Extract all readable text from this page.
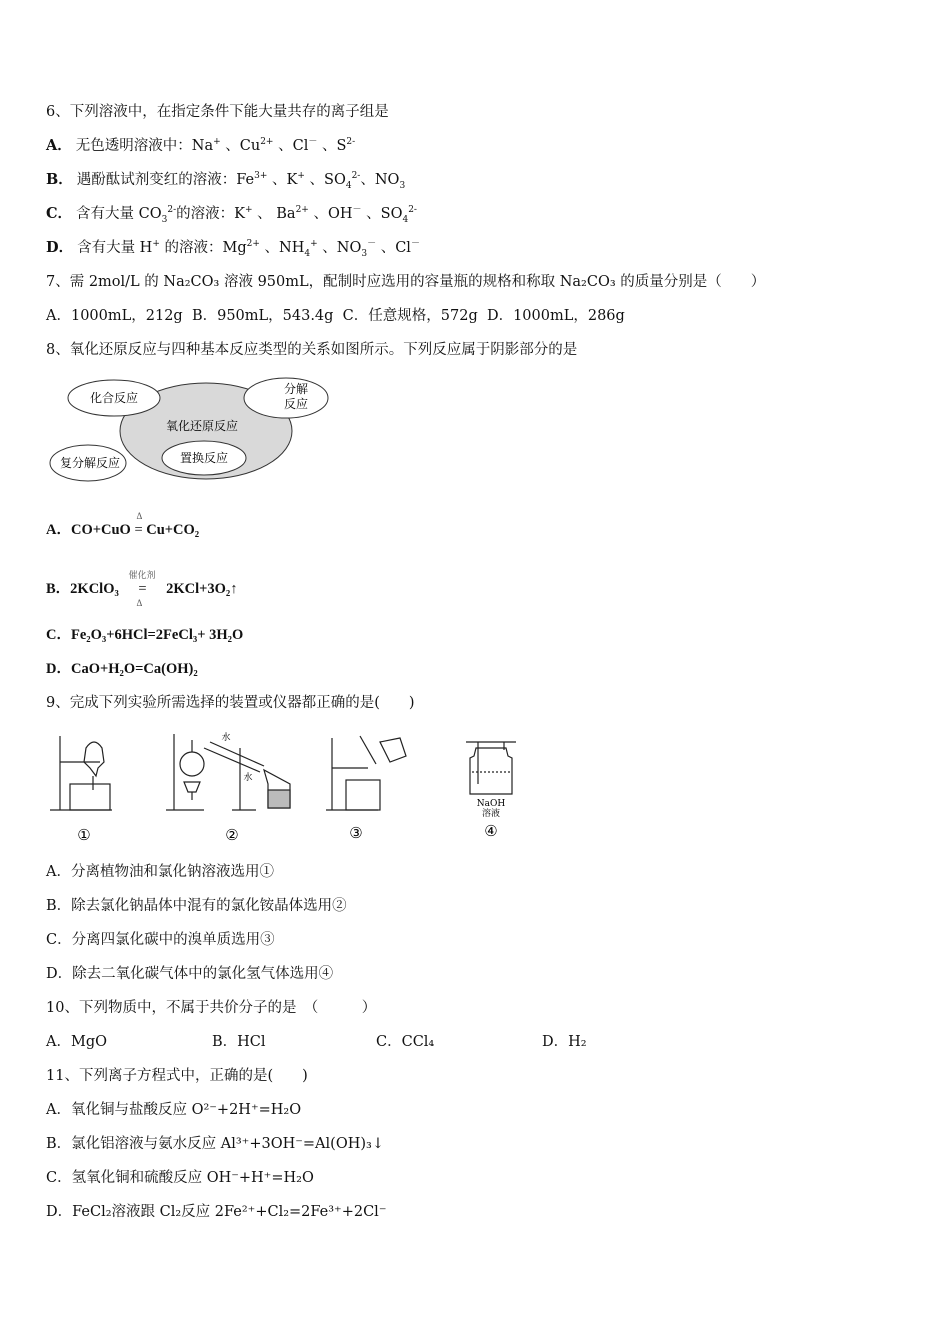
6、下列溶液中，在指定条件下能大量共存的离子组是
A． 无色透明溶液中：Na+ 、$Cu^{2+}$ 、Cl－ 、$S^{2-}$
B． 遇酚酞试剂变红的溶液：$Fe^{3+}$ 、K+ 、$SO_4^{2-}$、$NO_3$
C． 含有大量 $CO_3^{2-}$的溶液：K+ 、 $Ba^{2+}$ 、OH－ 、$SO_4^{2-}$
D． 含有大量 H+ 的溶液：$Mg^{2+}$ 、$NH_4^+$ 、$NO_3^-$ 、Cl－
7、需 2mol/L 的 Na₂CO₃ 溶液 950mL，配制时应选用的容量瓶的规格和称取 Na₂CO₃ 的质量分别是（　　）
A．1000mL，212g B．950mL，543.4g C．任意规格，572g D．1000mL，286g
8、氧化还原反应与四种基本反应类型的关系如图所示。下列反应属于阴影部分的是
化合反应
分解
反应
氧化还原反应
复分解反应	置换反应
A．CO+CuO =
Δ
Cu+CO₂
B．2KClO₃ =
催化剂
Δ
2KCl+3O₂↑
C．Fe₂O₃+6HCl=2FeCl₃+ 3H₂O
D．CaO+H₂O=Ca(OH)₂
9、完成下列实验所需选择的装置或仪器都正确的是(　　)
①
水
水
②	③
NaOH
溶液
④
A．分离植物油和氯化钠溶液选用①
B．除去氯化钠晶体中混有的氯化铵晶体选用②
C．分离四氯化碳中的溴单质选用③
D．除去二氧化碳气体中的氯化氢气体选用④
10、下列物质中，不属于共价分子的是　（　　　）
A．MgO	B．HCl	C．CCl₄	D．H₂
11、下列离子方程式中，正确的是(　　)
A．氧化铜与盐酸反应 O²⁻+2H⁺=H₂O
B．氯化铝溶液与氨水反应 Al³⁺+3OH⁻=Al(OH)₃↓
C．氢氧化铜和硫酸反应 OH⁻+H⁺=H₂O
D．FeCl₂溶液跟 Cl₂反应 2Fe²⁺+Cl₂=2Fe³⁺+2Cl⁻
